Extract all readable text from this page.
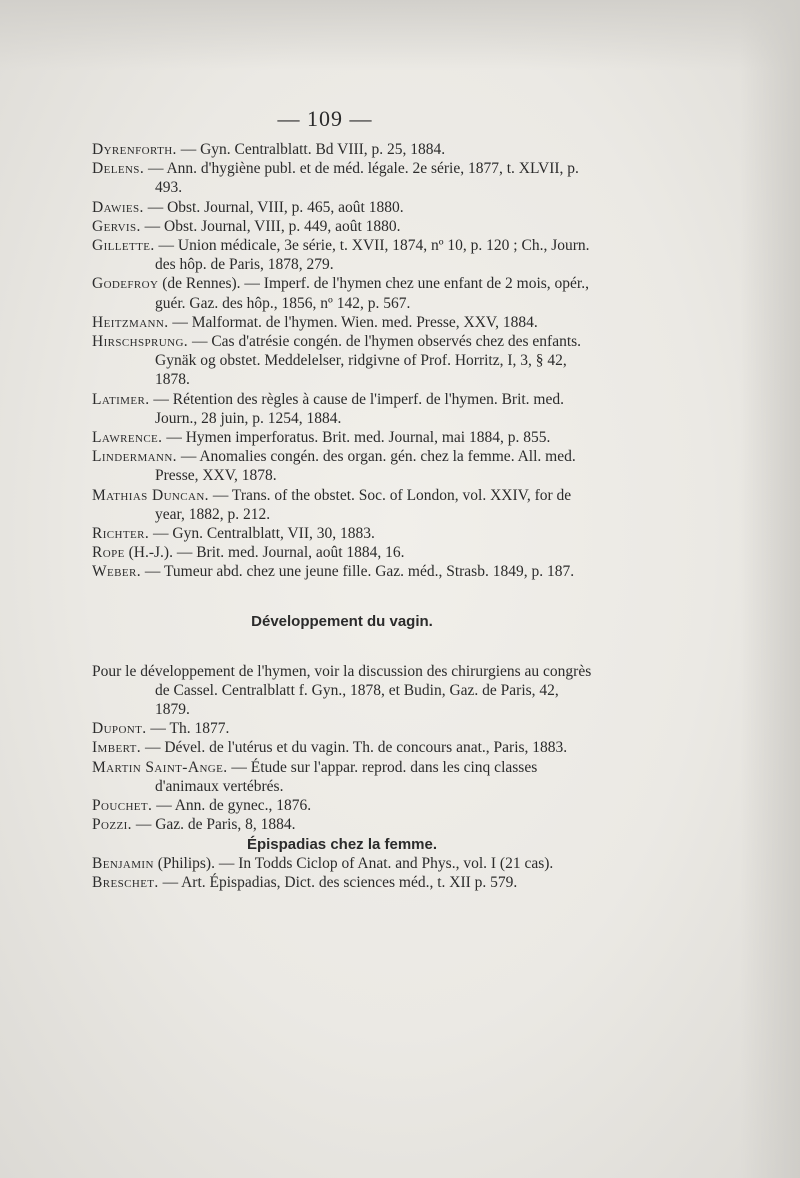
— 109 —
Dyrenforth. — Gyn. Centralblatt. Bd VIII, p. 25, 1884.
Delens. — Ann. d'hygiène publ. et de méd. légale. 2e série, 1877, t. XLVII, p. 493.
Dawies. — Obst. Journal, VIII, p. 465, août 1880.
Gervis. — Obst. Journal, VIII, p. 449, août 1880.
Gillette. — Union médicale, 3e série, t. XVII, 1874, nº 10, p. 120 ; Ch., Journ. des hôp. de Paris, 1878, 279.
Godefroy (de Rennes). — Imperf. de l'hymen chez une enfant de 2 mois, opér., guér. Gaz. des hôp., 1856, nº 142, p. 567.
Heitzmann. — Malformat. de l'hymen. Wien. med. Presse, XXV, 1884.
Hirschsprung. — Cas d'atrésie congén. de l'hymen observés chez des enfants. Gynäk og obstet. Meddelelser, ridgivne of Prof. Horritz, I, 3, § 42, 1878.
Latimer. — Rétention des règles à cause de l'imperf. de l'hymen. Brit. med. Journ., 28 juin, p. 1254, 1884.
Lawrence. — Hymen imperforatus. Brit. med. Journal, mai 1884, p. 855.
Lindermann. — Anomalies congén. des organ. gén. chez la femme. All. med. Presse, XXV, 1878.
Mathias Duncan. — Trans. of the obstet. Soc. of London, vol. XXIV, for de year, 1882, p. 212.
Richter. — Gyn. Centralblatt, VII, 30, 1883.
Rope (H.-J.). — Brit. med. Journal, août 1884, 16.
Weber. — Tumeur abd. chez une jeune fille. Gaz. méd., Strasb. 1849, p. 187.
Développement du vagin.
Pour le développement de l'hymen, voir la discussion des chirurgiens au congrès de Cassel. Centralblatt f. Gyn., 1878, et Budin, Gaz. de Paris, 42, 1879.
Dupont. — Th. 1877.
Imbert. — Dével. de l'utérus et du vagin. Th. de concours anat., Paris, 1883.
Martin Saint-Ange. — Étude sur l'appar. reprod. dans les cinq classes d'animaux vertébrés.
Pouchet. — Ann. de gynec., 1876.
Pozzi. — Gaz. de Paris, 8, 1884.
Épispadias chez la femme.
Benjamin (Philips). — In Todds Ciclop of Anat. and Phys., vol. I (21 cas).
Breschet. — Art. Épispadias, Dict. des sciences méd., t. XII p. 579.
